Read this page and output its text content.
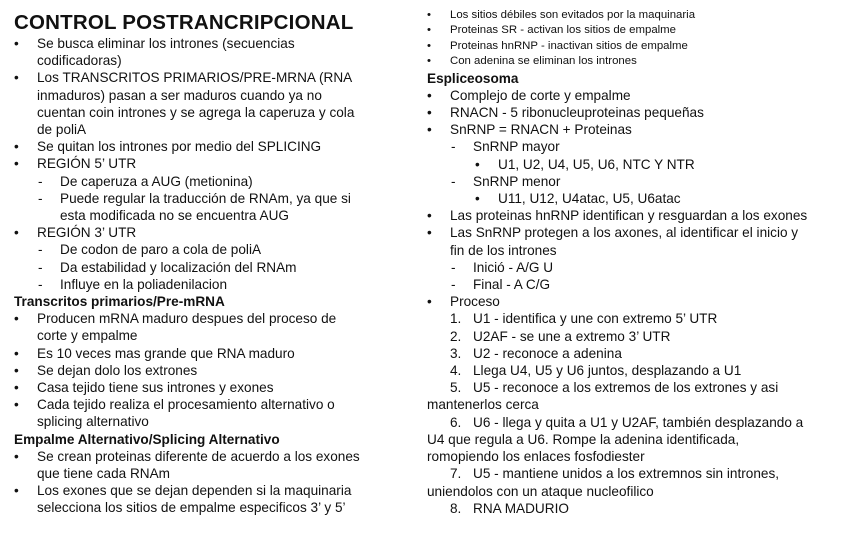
CONTROL POSTRANCRIPCIONAL
• Se busca eliminar los intrones (secuencias
codificadoras)
• Los TRANSCRITOS PRIMARIOS/PRE-MRNA (RNA
inmaduros) pasan a ser maduros cuando ya no
cuentan coin intrones y se agrega la caperuza y cola
de poliA
• Se quitan los intrones por medio del SPLICING
• REGIÓN 5’ UTR
- De caperuza a AUG (metionina)
- Puede regular la traducción de RNAm, ya que si
esta modificada no se encuentra AUG
• REGIÓN 3’ UTR
- De codon de paro a cola de poliA
- Da estabilidad y localización del RNAm
- Influye en la poliadenilacion
Transcritos primarios/Pre-mRNA
• Producen mRNA maduro despues del proceso de
corte y empalme
• Es 10 veces mas grande que RNA maduro
• Se dejan dolo los extrones
• Casa tejido tiene sus intrones y exones
• Cada tejido realiza el procesamiento alternativo o
splicing alternativo
Empalme Alternativo/Splicing Alternativo
• Se crean proteinas diferente de acuerdo a los exones
que tiene cada RNAm
• Los exones que se dejan dependen si la maquinaria
selecciona los sitios de empalme especificos 3’ y 5’
• Los sitios débiles son evitados por la maquinaria
• Proteinas SR - activan los sitios de empalme
• Proteinas hnRNP - inactivan sitios de empalme
• Con adenina se eliminan los intrones
Espliceosoma
• Complejo de corte y empalme
• RNACN - 5 ribonucleuproteinas pequeñas
• SnRNP = RNACN + Proteinas
- SnRNP mayor
• U1, U2, U4, U5, U6, NTC Y NTR
- SnRNP menor
• U11, U12, U4atac, U5, U6atac
• Las proteinas hnRNP identifican y resguardan a los exones
• Las SnRNP protegen a los axones, al identificar el inicio y
fin de los intrones
- Inició - A/G U
- Final - A C/G
• Proceso
1. U1 - identifica y une con extremo 5’ UTR
2. U2AF - se une a extremo 3’ UTR
3. U2 - reconoce a adenina
4. Llega U4, U5 y U6 juntos, desplazando a U1
5. U5 - reconoce a los extremos de los extrones y asi
mantenerlos cerca
6. U6 - llega y quita a U1 y U2AF, también desplazando a
U4 que regula a U6. Rompe la adenina identificada,
romopiendo los enlaces fosfodiester
7. U5 - mantiene unidos a los extremnos sin intrones,
uniendolos con un ataque nucleofilico
8. RNA MADURIO
